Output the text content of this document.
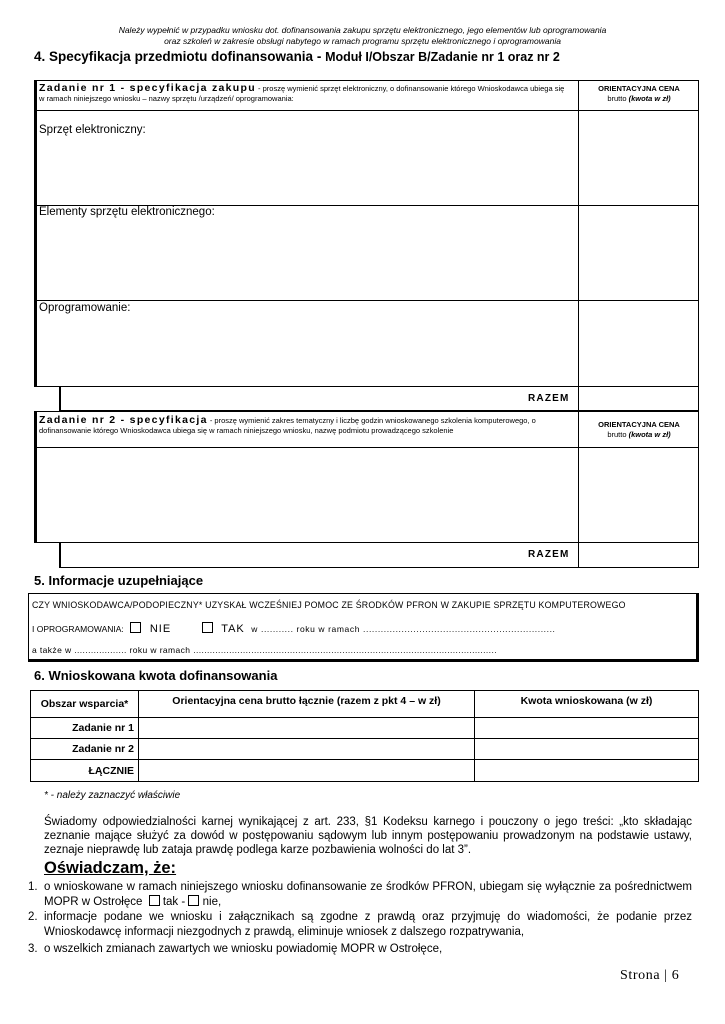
Należy wypełnić w przypadku wniosku dot. dofinansowania zakupu sprzętu elektronicznego, jego elementów lub oprogramowania
oraz szkoleń w zakresie obsługi nabytego w ramach programu sprzętu elektronicznego i oprogramowania
4. Specyfikacja przedmiotu dofinansowania - Moduł I/Obszar B/Zadanie nr 1 oraz nr 2
Zadanie nr 1 - specyfikacja zakupu - proszę wymienić sprzęt elektroniczny, o dofinansowanie którego Wnioskodawca ubiega się w ramach niniejszego wniosku – nazwy sprzętu /urządzeń/ oprogramowania:
ORIENTACYJNA CENA
brutto (kwota w zł)
Sprzęt elektroniczny:
Elementy sprzętu elektronicznego:
Oprogramowanie:
RAZEM
Zadanie nr 2 - specyfikacja - proszę wymienić zakres tematyczny i liczbę godzin wnioskowanego szkolenia komputerowego, o dofinansowanie którego Wnioskodawca ubiega się w ramach niniejszego wniosku, nazwę podmiotu prowadzącego szkolenie
ORIENTACYJNA CENA
brutto (kwota w zł)
RAZEM
5. Informacje uzupełniające
CZY WNIOSKODAWCA/PODOPIECZNY* UZYSKAŁ WCZEŚNIEJ POMOC ZE ŚRODKÓW PFRON W ZAKUPIE SPRZĘTU KOMPUTEROWEGO
I OPROGRAMOWANIA: NIE	TAK w ........... roku w ramach .................................................................
a także w ................... roku w ramach ..............................................................................................................
6. Wnioskowana kwota dofinansowania
Obszar wsparcia*	Orientacyjna cena brutto łącznie (razem z pkt 4 – w zł)	Kwota wnioskowana (w zł)
Zadanie nr 1		
Zadanie nr 2		
ŁĄCZNIE		
* - należy zaznaczyć właściwie
Świadomy odpowiedzialności karnej wynikającej z art. 233, §1 Kodeksu karnego i pouczony o jego treści: „kto składając zeznanie mające służyć za dowód w postępowaniu sądowym lub innym postępowaniu prowadzonym na podstawie ustawy, zeznaje nieprawdę lub zataja prawdę podlega karze pozbawienia wolności do lat 3”.
Oświadczam, że:
1. o wnioskowane w ramach niniejszego wniosku dofinansowanie ze środków PFRON, ubiegam się wyłącznie za pośrednictwem MOPR w Ostrołęce tak - nie,
2. informacje podane we wniosku i załącznikach są zgodne z prawdą oraz przyjmuję do wiadomości, że podanie przez Wnioskodawcę informacji niezgodnych z prawdą, eliminuje wniosek z dalszego rozpatrywania,
3. o wszelkich zmianach zawartych we wniosku powiadomię MOPR w Ostrołęce,
Strona | 6
